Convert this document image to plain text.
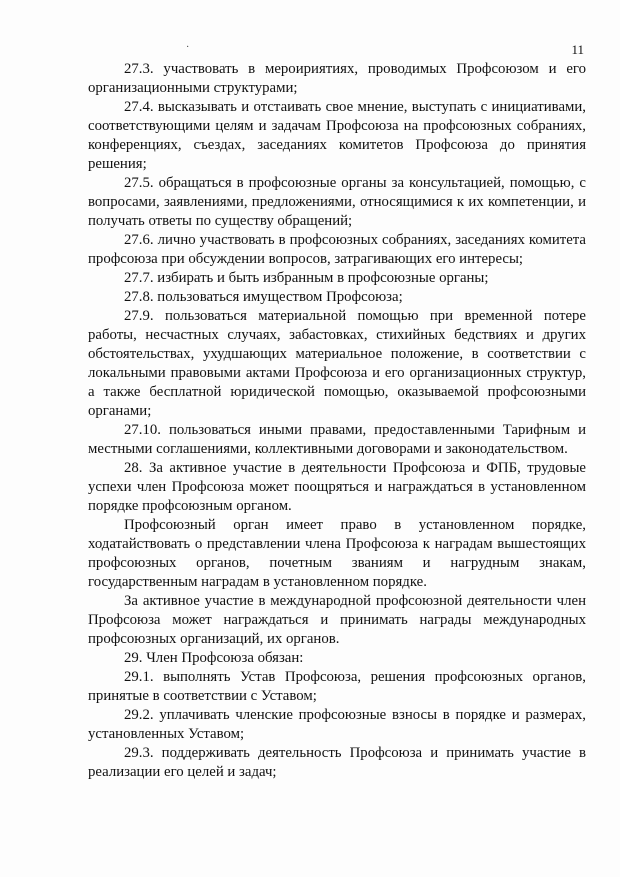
·	11

27.3. участвовать в мероириятиях, проводимых Профсоюзом и его организационными структурами;

27.4. высказывать и отстаивать свое мнение, выступать с инициативами, соответствующими целям и задачам Профсоюза на профсоюзных собраниях, конференциях, съездах, заседаниях комитетов Профсоюза до принятия решения;

27.5. обращаться в профсоюзные органы за консультацией, помощью, с вопросами, заявлениями, предложениями, относящимися к их компетенции, и получать ответы по существу обращений;

27.6. лично участвовать в профсоюзных собраниях, заседаниях комитета профсоюза при обсуждении вопросов, затрагивающих его интересы;

27.7. избирать и быть избранным в профсоюзные органы;

27.8. пользоваться имуществом Профсоюза;

27.9. пользоваться материальной помощью при временной потере работы, несчастных случаях, забастовках, стихийных бедствиях и других обстоятельствах, ухудшающих материальное положение, в соответствии с локальными правовыми актами Профсоюза и его организационных структур, а также бесплатной юридической помощью, оказываемой профсоюзными органами;

27.10. пользоваться иными правами, предоставленными Тарифным и местными соглашениями, коллективными договорами и законодательством.

28. За активное участие в деятельности Профсоюза и ФПБ, трудовые успехи член Профсоюза может поощряться и награждаться в установленном порядке профсоюзным органом.

Профсоюзный орган имеет право в установленном порядке, ходатайствовать о представлении члена Профсоюза к наградам вышестоящих профсоюзных органов, почетным званиям и нагрудным знакам, государственным наградам в установленном порядке.

За активное участие в международной профсоюзной деятельности член Профсоюза может награждаться и принимать награды международных профсоюзных организаций, их органов.

29. Член Профсоюза обязан:

29.1. выполнять Устав Профсоюза, решения профсоюзных органов, принятые в соответствии с Уставом;

29.2. уплачивать членские профсоюзные взносы в порядке и размерах, установленных Уставом;

29.3. поддерживать деятельность Профсоюза и принимать участие в реализации его целей и задач;
